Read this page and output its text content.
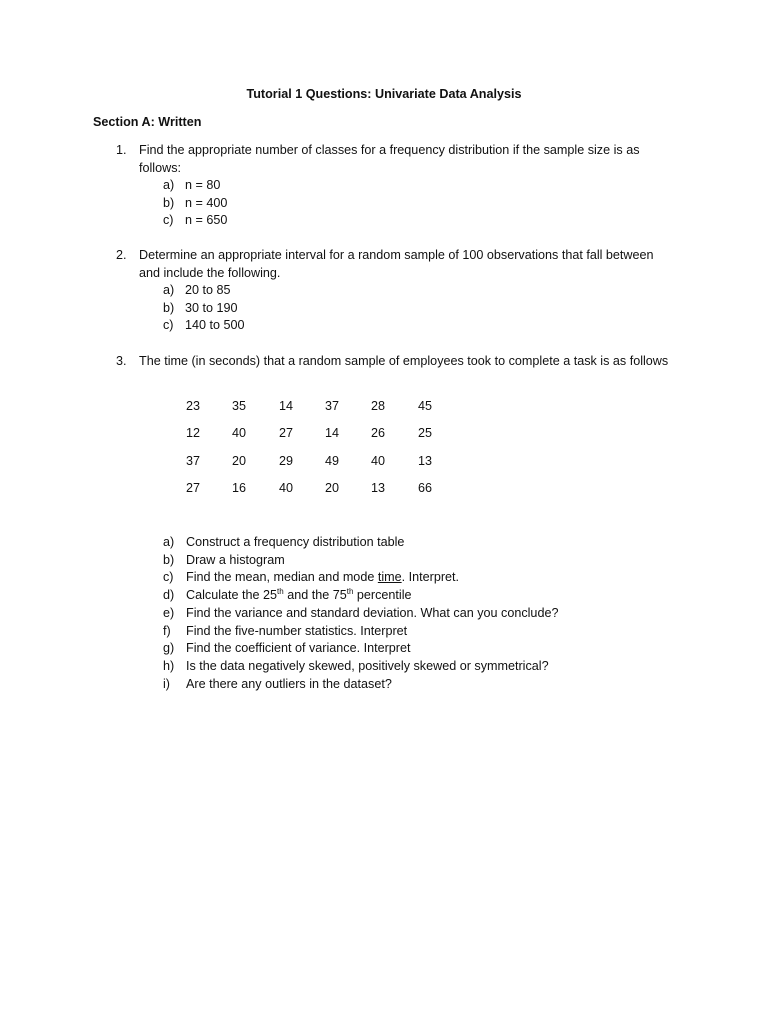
Tutorial 1 Questions: Univariate Data Analysis
Section A: Written
1. Find the appropriate number of classes for a frequency distribution if the sample size is as follows:
a) n = 80
b) n = 400
c) n = 650
2. Determine an appropriate interval for a random sample of 100 observations that fall between and include the following.
a) 20 to 85
b) 30 to 190
c) 140 to 500
3. The time (in seconds) that a random sample of employees took to complete a task is as follows
23	35	14	37	28	45
12	40	27	14	26	25
37	20	29	49	40	13
27	16	40	20	13	66
a) Construct a frequency distribution table
b) Draw a histogram
c) Find the mean, median and mode time. Interpret.
d) Calculate the 25th and the 75th percentile
e) Find the variance and standard deviation. What can you conclude?
f) Find the five-number statistics. Interpret
g) Find the coefficient of variance. Interpret
h) Is the data negatively skewed, positively skewed or symmetrical?
i) Are there any outliers in the dataset?
